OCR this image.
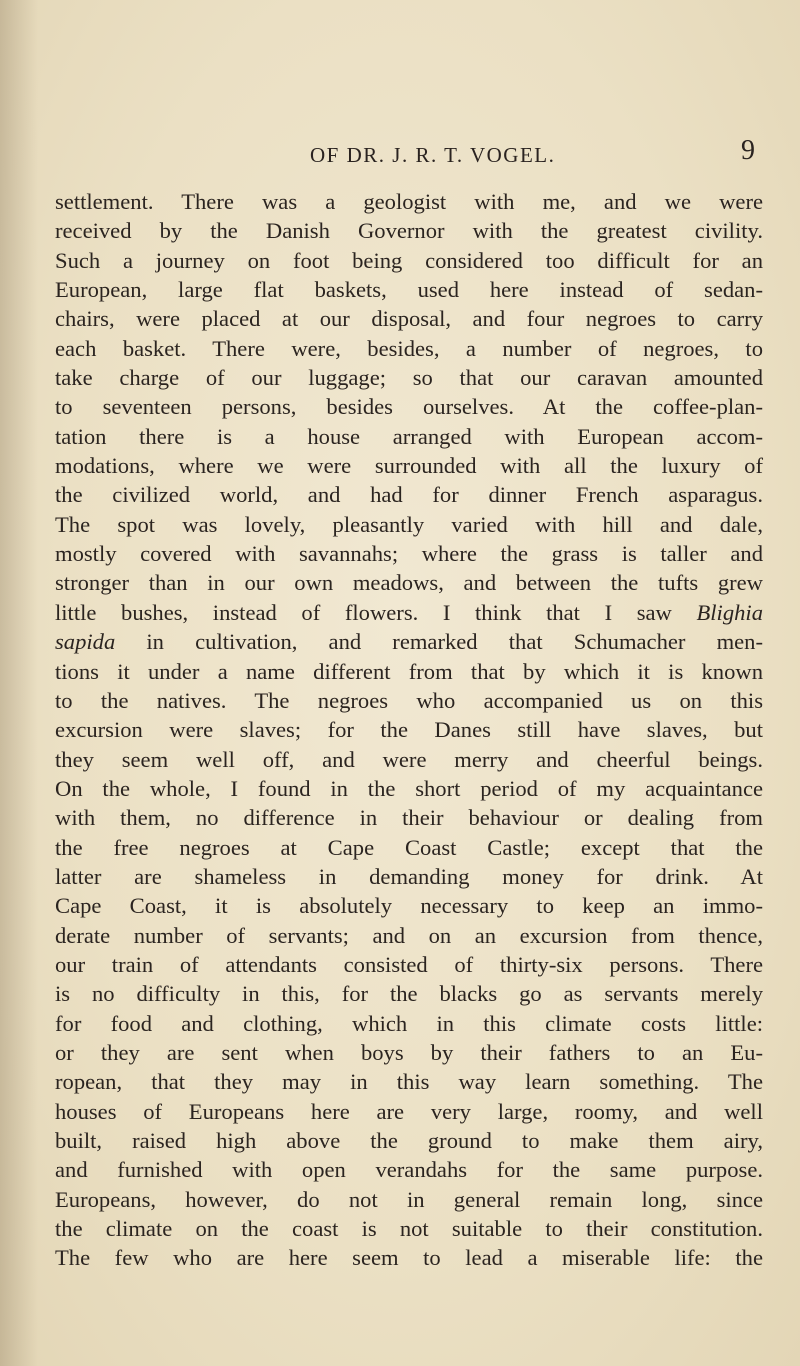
OF DR. J. R. T. VOGEL.	9
settlement. There was a geologist with me, and we were
received by the Danish Governor with the greatest civility.
Such a journey on foot being considered too difficult for an
European, large flat baskets, used here instead of sedan-
chairs, were placed at our disposal, and four negroes to carry
each basket. There were, besides, a number of negroes, to
take charge of our luggage; so that our caravan amounted
to seventeen persons, besides ourselves. At the coffee-plan-
tation there is a house arranged with European accom-
modations, where we were surrounded with all the luxury of
the civilized world, and had for dinner French asparagus.
The spot was lovely, pleasantly varied with hill and dale,
mostly covered with savannahs; where the grass is taller and
stronger than in our own meadows, and between the tufts grew
little bushes, instead of flowers. I think that I saw Blighia
sapida in cultivation, and remarked that Schumacher men-
tions it under a name different from that by which it is known
to the natives. The negroes who accompanied us on this
excursion were slaves; for the Danes still have slaves, but
they seem well off, and were merry and cheerful beings.
On the whole, I found in the short period of my acquaintance
with them, no difference in their behaviour or dealing from
the free negroes at Cape Coast Castle; except that the
latter are shameless in demanding money for drink. At
Cape Coast, it is absolutely necessary to keep an immo-
derate number of servants; and on an excursion from thence,
our train of attendants consisted of thirty-six persons. There
is no difficulty in this, for the blacks go as servants merely
for food and clothing, which in this climate costs little:
or they are sent when boys by their fathers to an Eu-
ropean, that they may in this way learn something. The
houses of Europeans here are very large, roomy, and well
built, raised high above the ground to make them airy,
and furnished with open verandahs for the same purpose.
Europeans, however, do not in general remain long, since
the climate on the coast is not suitable to their constitution.
The few who are here seem to lead a miserable life: the
